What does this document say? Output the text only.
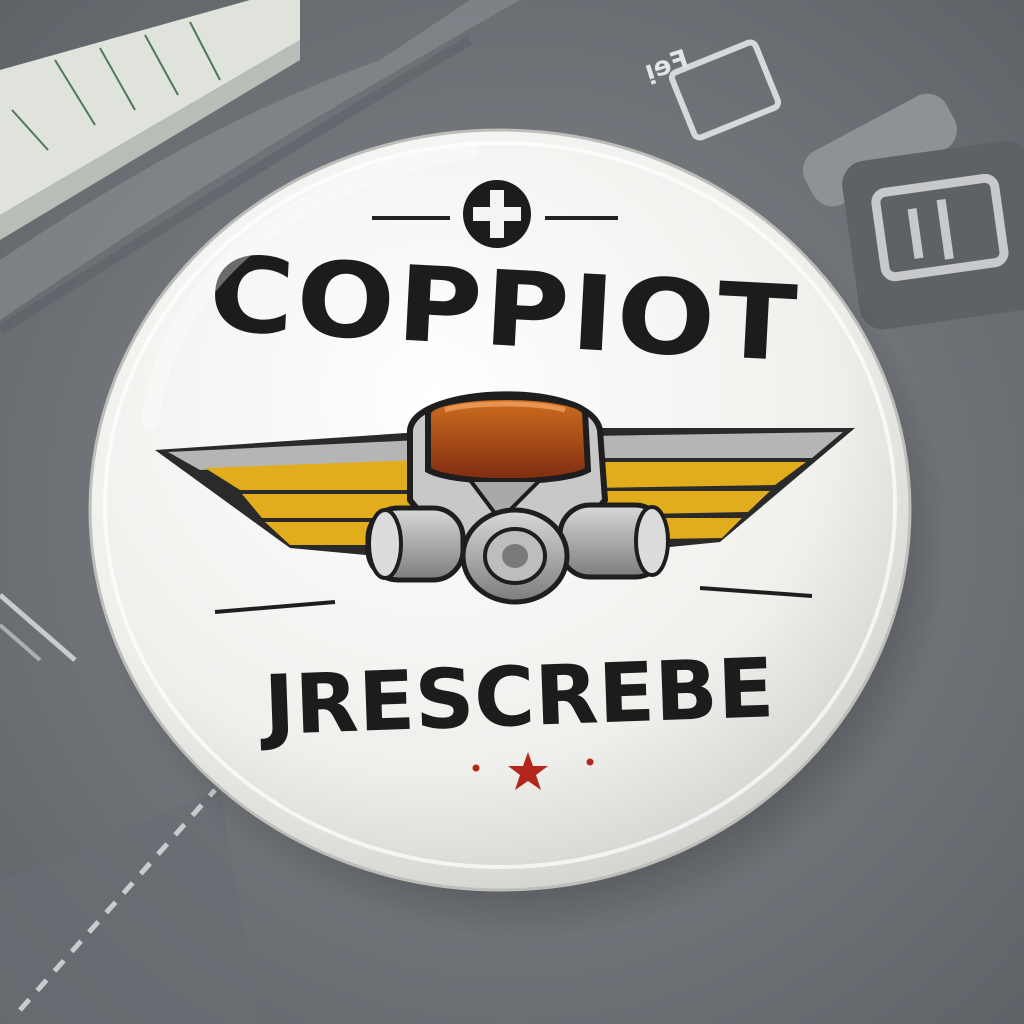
ᴉɘꟻ
COPPIOT
JRESCREBE
